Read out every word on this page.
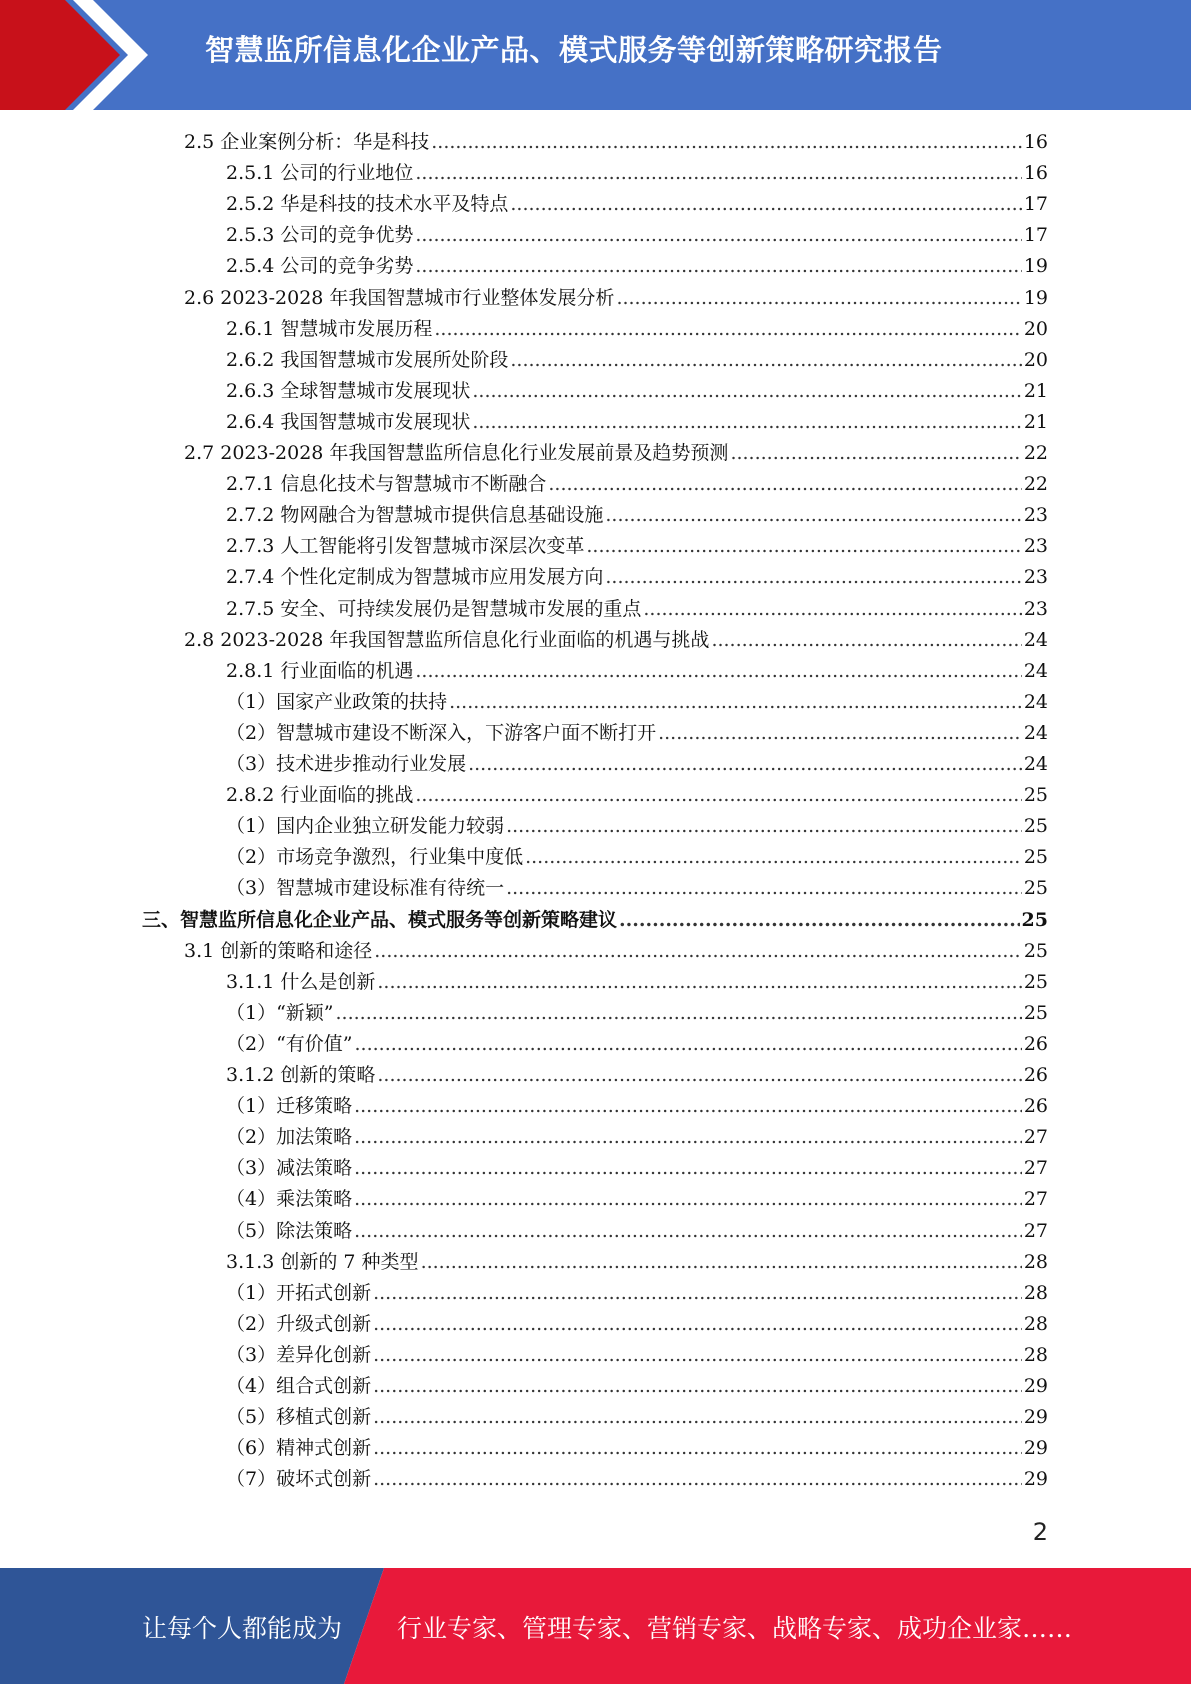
智慧监所信息化企业产品、模式服务等创新策略研究报告
2.5 企业案例分析：华是科技 .....	16
2.5.1 公司的行业地位 .....	16
2.5.2 华是科技的技术水平及特点 .....	17
2.5.3 公司的竞争优势 .....	17
2.5.4 公司的竞争劣势 .....	19
2.6 2023-2028 年我国智慧城市行业整体发展分析 .....	19
2.6.1 智慧城市发展历程 .....	20
2.6.2 我国智慧城市发展所处阶段 .....	20
2.6.3 全球智慧城市发展现状 .....	21
2.6.4 我国智慧城市发展现状 .....	21
2.7 2023-2028 年我国智慧监所信息化行业发展前景及趋势预测 .....	22
2.7.1 信息化技术与智慧城市不断融合 .....	22
2.7.2 物网融合为智慧城市提供信息基础设施 .....	23
2.7.3 人工智能将引发智慧城市深层次变革 .....	23
2.7.4 个性化定制成为智慧城市应用发展方向 .....	23
2.7.5 安全、可持续发展仍是智慧城市发展的重点 .....	23
2.8 2023-2028 年我国智慧监所信息化行业面临的机遇与挑战 .....	24
2.8.1 行业面临的机遇 .....	24
（1）国家产业政策的扶持 .....	24
（2）智慧城市建设不断深入，下游客户面不断打开 .....	24
（3）技术进步推动行业发展 .....	24
2.8.2 行业面临的挑战 .....	25
（1）国内企业独立研发能力较弱 .....	25
（2）市场竞争激烈，行业集中度低 .....	25
（3）智慧城市建设标准有待统一 .....	25
三、智慧监所信息化企业产品、模式服务等创新策略建议 .....	25
3.1 创新的策略和途径 .....	25
3.1.1 什么是创新 .....	25
（1）“新颖” .....	25
（2）“有价值” .....	26
3.1.2 创新的策略 .....	26
（1）迁移策略 .....	26
（2）加法策略 .....	27
（3）减法策略 .....	27
（4）乘法策略 .....	27
（5）除法策略 .....	27
3.1.3 创新的 7 种类型 .....	28
（1）开拓式创新 .....	28
（2）升级式创新 .....	28
（3）差异化创新 .....	28
（4）组合式创新 .....	29
（5）移植式创新 .....	29
（6）精神式创新 .....	29
（7）破坏式创新 .....	29
2
让每个人都能成为 行业专家、管理专家、营销专家、战略专家、成功企业家……
